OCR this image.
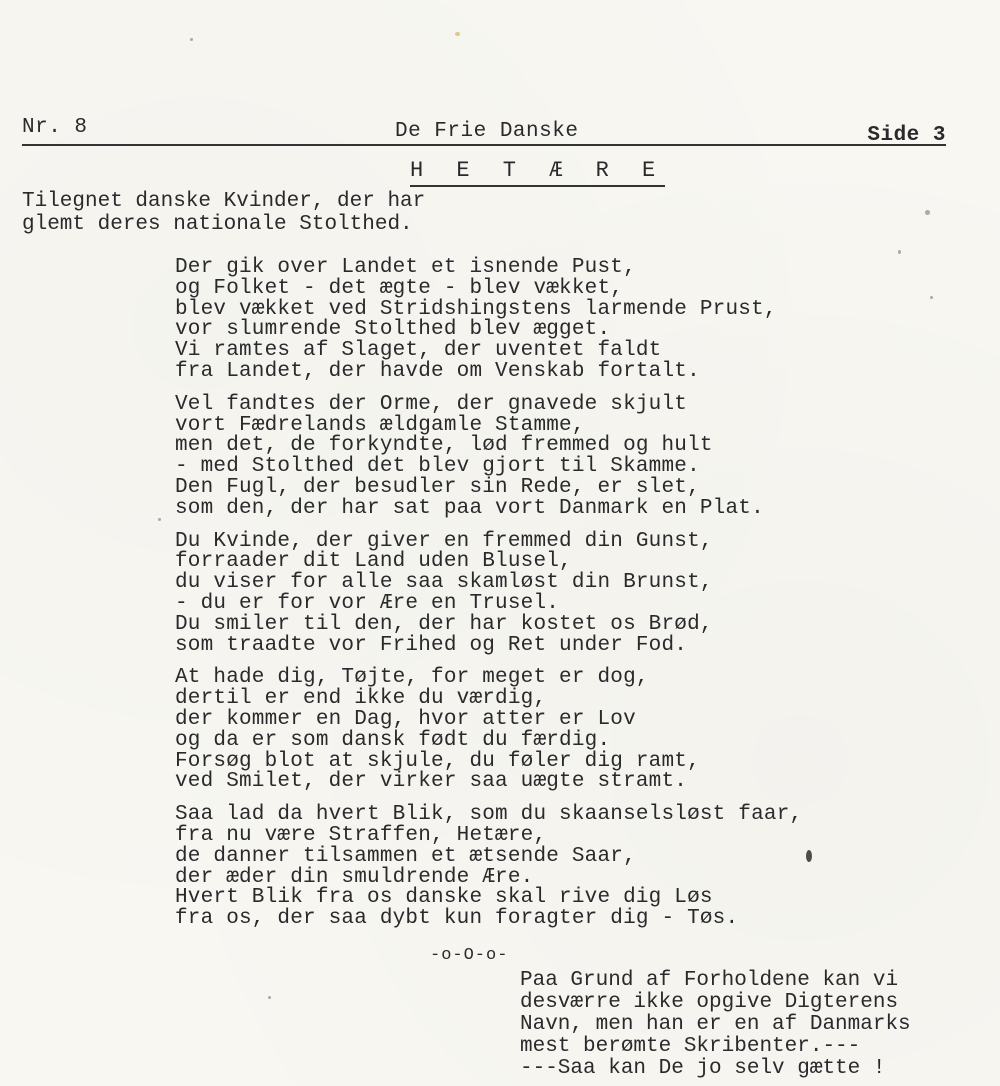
Nr. 8	De Frie Danske	Side 3
H E T Æ R E
Tilegnet danske Kvinder, der har
glemt deres nationale Stolthed.
Der gik over Landet et isnende Pust,
og Folket - det ægte - blev vækket,
blev vækket ved Stridshingstens larmende Prust,
vor slumrende Stolthed blev ægget.
Vi ramtes af Slaget, der uventet faldt
fra Landet, der havde om Venskab fortalt.
Vel fandtes der Orme, der gnavede skjult
vort Fædrelands ældgamle Stamme,
men det, de forkyndte, lød fremmed og hult
- med Stolthed det blev gjort til Skamme.
Den Fugl, der besudler sin Rede, er slet,
som den, der har sat paa vort Danmark en Plat.
Du Kvinde, der giver en fremmed din Gunst,
forraader dit Land uden Blusel,
du viser for alle saa skamløst din Brunst,
- du er for vor Ære en Trusel.
Du smiler til den, der har kostet os Brød,
som traadte vor Frihed og Ret under Fod.
At hade dig, Tøjte, for meget er dog,
dertil er end ikke du værdig,
der kommer en Dag, hvor atter er Lov
og da er som dansk født du færdig.
Forsøg blot at skjule, du føler dig ramt,
ved Smilet, der virker saa uægte stramt.
Saa lad da hvert Blik, som du skaanselsløst faar,
fra nu være Straffen, Hetære,
de danner tilsammen et ætsende Saar,
der æder din smuldrende Ære.
Hvert Blik fra os danske skal rive dig Løs
fra os, der saa dybt kun foragter dig - Tøs.
-o-O-o-
Paa Grund af Forholdene kan vi
desværre ikke opgive Digterens
Navn, men han er en af Danmarks
mest berømte Skribenter.---
---Saa kan De jo selv gætte !
